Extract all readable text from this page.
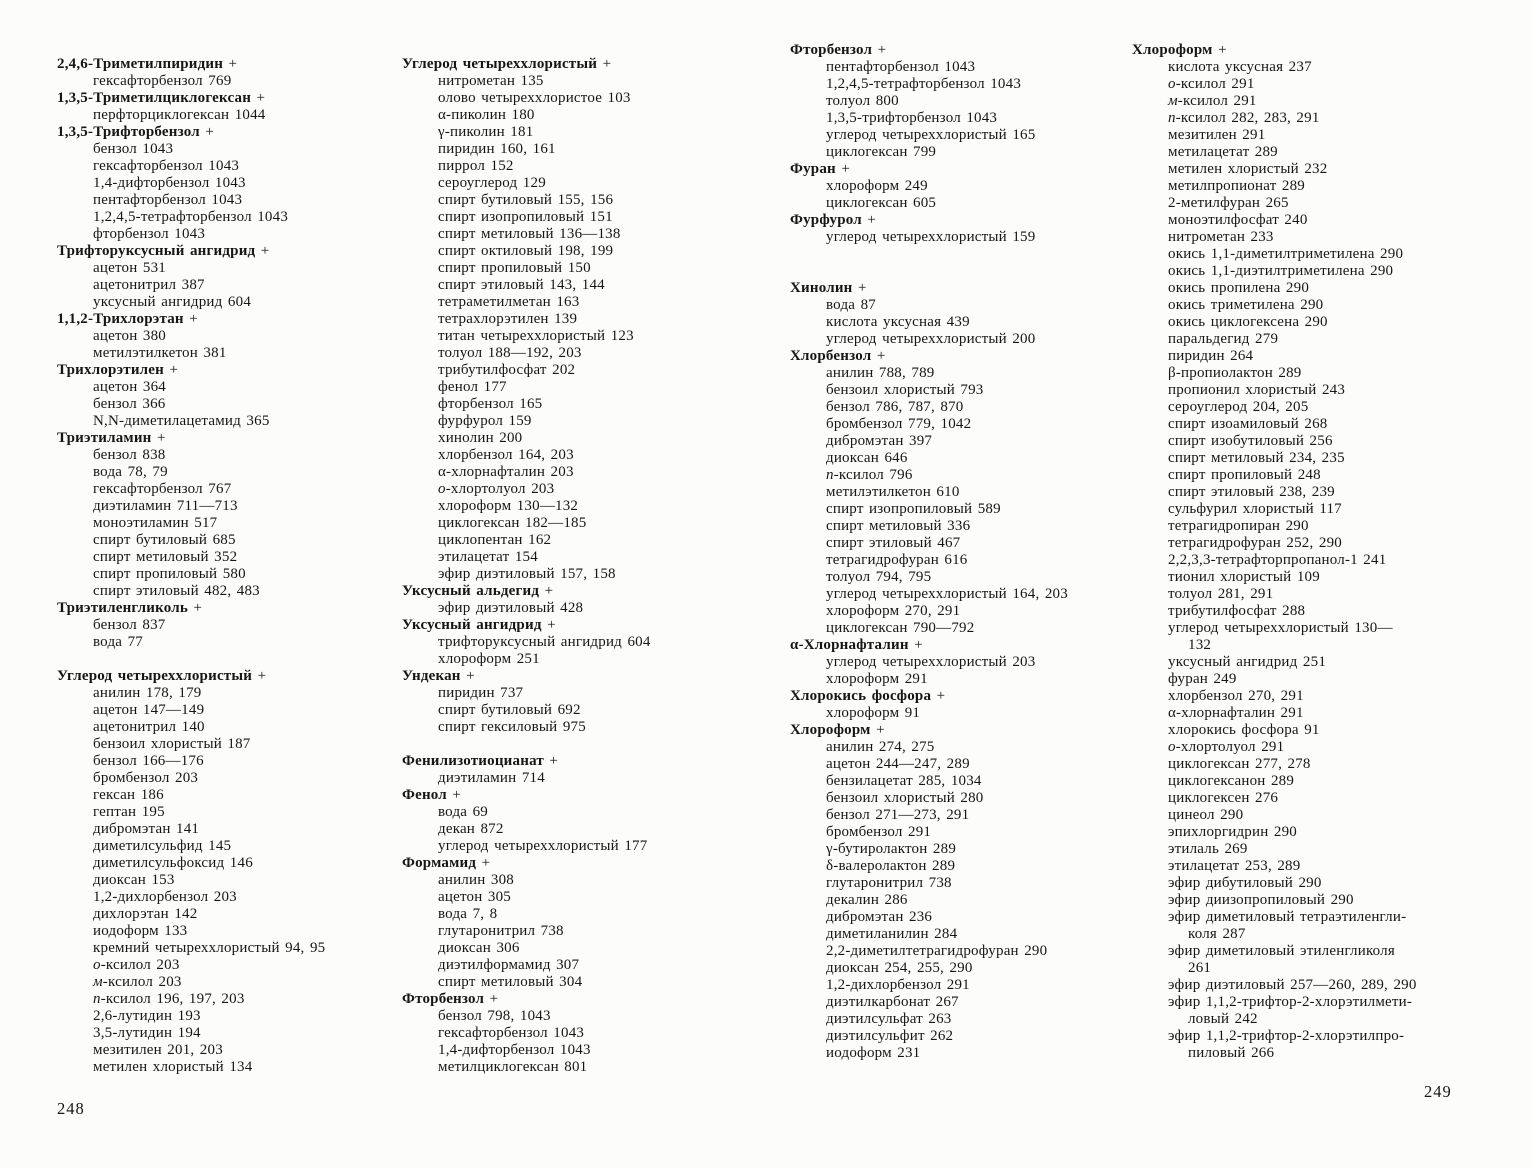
2,4,6-Триметилпиридин +
гексафторбензол 769
1,3,5-Триметилциклогексан +
перфторциклогексан 1044
1,3,5-Трифторбензол +
бензол 1043
гексафторбензол 1043
1,4-дифторбензол 1043
пентафторбензол 1043
1,2,4,5-тетрафторбензол 1043
фторбензол 1043
Трифторуксусный ангидрид +
ацетон 531
ацетонитрил 387
уксусный ангидрид 604
1,1,2-Трихлорэтан +
ацетон 380
метилэтилкетон 381
Трихлорэтилен +
ацетон 364
бензол 366
N,N-диметилацетамид 365
Триэтиламин +
бензол 838
вода 78, 79
гексафторбензол 767
диэтиламин 711—713
моноэтиламин 517
спирт бутиловый 685
спирт метиловый 352
спирт пропиловый 580
спирт этиловый 482, 483
Триэтиленгликоль +
бензол 837
вода 77
Углерод четыреххлористый +
анилин 178, 179
ацетон 147—149
ацетонитрил 140
бензоил хлористый 187
бензол 166—176
бромбензол 203
гексан 186
гептан 195
дибромэтан 141
диметилсульфид 145
диметилсульфоксид 146
диоксан 153
1,2-дихлорбензол 203
дихлорэтан 142
иодоформ 133
кремний четыреххлористый 94, 95
о-ксилол 203
м-ксилол 203
п-ксилол 196, 197, 203
2,6-лутидин 193
3,5-лутидин 194
мезитилен 201, 203
метилен хлористый 134
Углерод четыреххлористый +
нитрометан 135
олово четыреххлористое 103
α-пиколин 180
γ-пиколин 181
пиридин 160, 161
пиррол 152
сероуглерод 129
спирт бутиловый 155, 156
спирт изопропиловый 151
спирт метиловый 136—138
спирт октиловый 198, 199
спирт пропиловый 150
спирт этиловый 143, 144
тетраметилметан 163
тетрахлорэтилен 139
титан четыреххлористый 123
толуол 188—192, 203
трибутилфосфат 202
фенол 177
фторбензол 165
фурфурол 159
хинолин 200
хлорбензол 164, 203
α-хлорнафталин 203
о-хлортолуол 203
хлороформ 130—132
циклогексан 182—185
циклопентан 162
этилацетат 154
эфир диэтиловый 157, 158
Уксусный альдегид +
эфир диэтиловый 428
Уксусный ангидрид +
трифторуксусный ангидрид 604
хлороформ 251
Ундекан +
пиридин 737
спирт бутиловый 692
спирт гексиловый 975
Фенилизотиоцианат +
диэтиламин 714
Фенол +
вода 69
декан 872
углерод четыреххлористый 177
Формамид +
анилин 308
ацетон 305
вода 7, 8
глутаронитрил 738
диоксан 306
диэтилформамид 307
спирт метиловый 304
Фторбензол +
бензол 798, 1043
гексафторбензол 1043
1,4-дифторбензол 1043
метилциклогексан 801
Фторбензол +
пентафторбензол 1043
1,2,4,5-тетрафторбензол 1043
толуол 800
1,3,5-трифторбензол 1043
углерод четыреххлористый 165
циклогексан 799
Фуран +
хлороформ 249
циклогексан 605
Фурфурол +
углерод четыреххлористый 159
Хинолин +
вода 87
кислота уксусная 439
углерод четыреххлористый 200
Хлорбензол +
анилин 788, 789
бензоил хлористый 793
бензол 786, 787, 870
бромбензол 779, 1042
дибромэтан 397
диоксан 646
п-ксилол 796
метилэтилкетон 610
спирт изопропиловый 589
спирт метиловый 336
спирт этиловый 467
тетрагидрофуран 616
толуол 794, 795
углерод четыреххлористый 164, 203
хлороформ 270, 291
циклогексан 790—792
α-Хлорнафталин +
углерод четыреххлористый 203
хлороформ 291
Хлорокись фосфора +
хлороформ 91
Хлороформ +
анилин 274, 275
ацетон 244—247, 289
бензилацетат 285, 1034
бензоил хлористый 280
бензол 271—273, 291
бромбензол 291
γ-бутиролактон 289
δ-валеролактон 289
глутаронитрил 738
декалин 286
дибромэтан 236
диметиланилин 284
2,2-диметилтетрагидрофуран 290
диоксан 254, 255, 290
1,2-дихлорбензол 291
диэтилкарбонат 267
диэтилсульфат 263
диэтилсульфит 262
иодоформ 231
Хлороформ +
кислота уксусная 237
о-ксилол 291
м-ксилол 291
п-ксилол 282, 283, 291
мезитилен 291
метилацетат 289
метилен хлористый 232
метилпропионат 289
2-метилфуран 265
моноэтилфосфат 240
нитрометан 233
окись 1,1-диметилтриметилена 290
окись 1,1-диэтилтриметилена 290
окись пропилена 290
окись триметилена 290
окись циклогексена 290
паральдегид 279
пиридин 264
β-пропиолактон 289
пропионил хлористый 243
сероуглерод 204, 205
спирт изоамиловый 268
спирт изобутиловый 256
спирт метиловый 234, 235
спирт пропиловый 248
спирт этиловый 238, 239
сульфурил хлористый 117
тетрагидропиран 290
тетрагидрофуран 252, 290
2,2,3,3-тетрафторпропанол-1 241
тионил хлористый 109
толуол 281, 291
трибутилфосфат 288
углерод четыреххлористый 130—
132
уксусный ангидрид 251
фуран 249
хлорбензол 270, 291
α-хлорнафталин 291
хлорокись фосфора 91
о-хлортолуол 291
циклогексан 277, 278
циклогексанон 289
циклогексен 276
цинеол 290
эпихлоргидрин 290
этилаль 269
этилацетат 253, 289
эфир дибутиловый 290
эфир диизопропиловый 290
эфир диметиловый тетраэтиленгли-
коля 287
эфир диметиловый этиленгликоля
261
эфир диэтиловый 257—260, 289, 290
эфир 1,1,2-трифтор-2-хлорэтилмети-
ловый 242
эфир 1,1,2-трифтор-2-хлорэтилпро-
пиловый 266
248
249
